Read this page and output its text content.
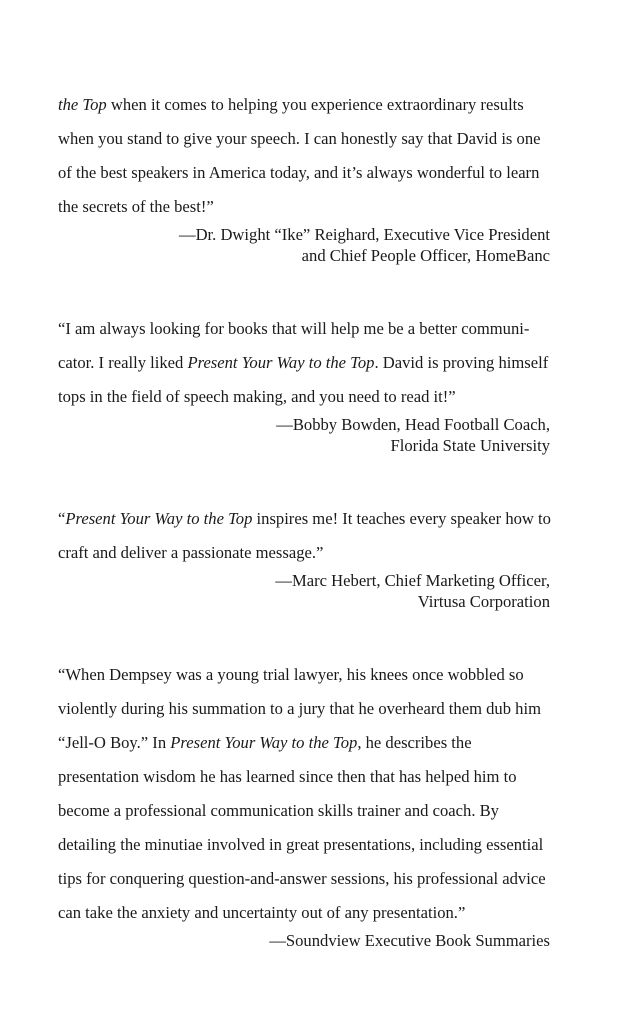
the Top when it comes to helping you experience extraordinary results when you stand to give your speech. I can honestly say that David is one of the best speakers in America today, and it’s always wonderful to learn the secrets of the best!”

—Dr. Dwight “Ike” Reighard, Executive Vice President
and Chief People Officer, HomeBanc

“I am always looking for books that will help me be a better communicator. I really liked Present Your Way to the Top. David is proving himself tops in the field of speech making, and you need to read it!”

—Bobby Bowden, Head Football Coach,
Florida State University

“Present Your Way to the Top inspires me! It teaches every speaker how to craft and deliver a passionate message.”

—Marc Hebert, Chief Marketing Officer,
Virtusa Corporation

“When Dempsey was a young trial lawyer, his knees once wobbled so violently during his summation to a jury that he overheard them dub him “Jell-O Boy.” In Present Your Way to the Top, he describes the presentation wisdom he has learned since then that has helped him to become a professional communication skills trainer and coach. By detailing the minutiae involved in great presentations, including essential tips for conquering question-and-answer sessions, his professional advice can take the anxiety and uncertainty out of any presentation.”

—Soundview Executive Book Summaries
